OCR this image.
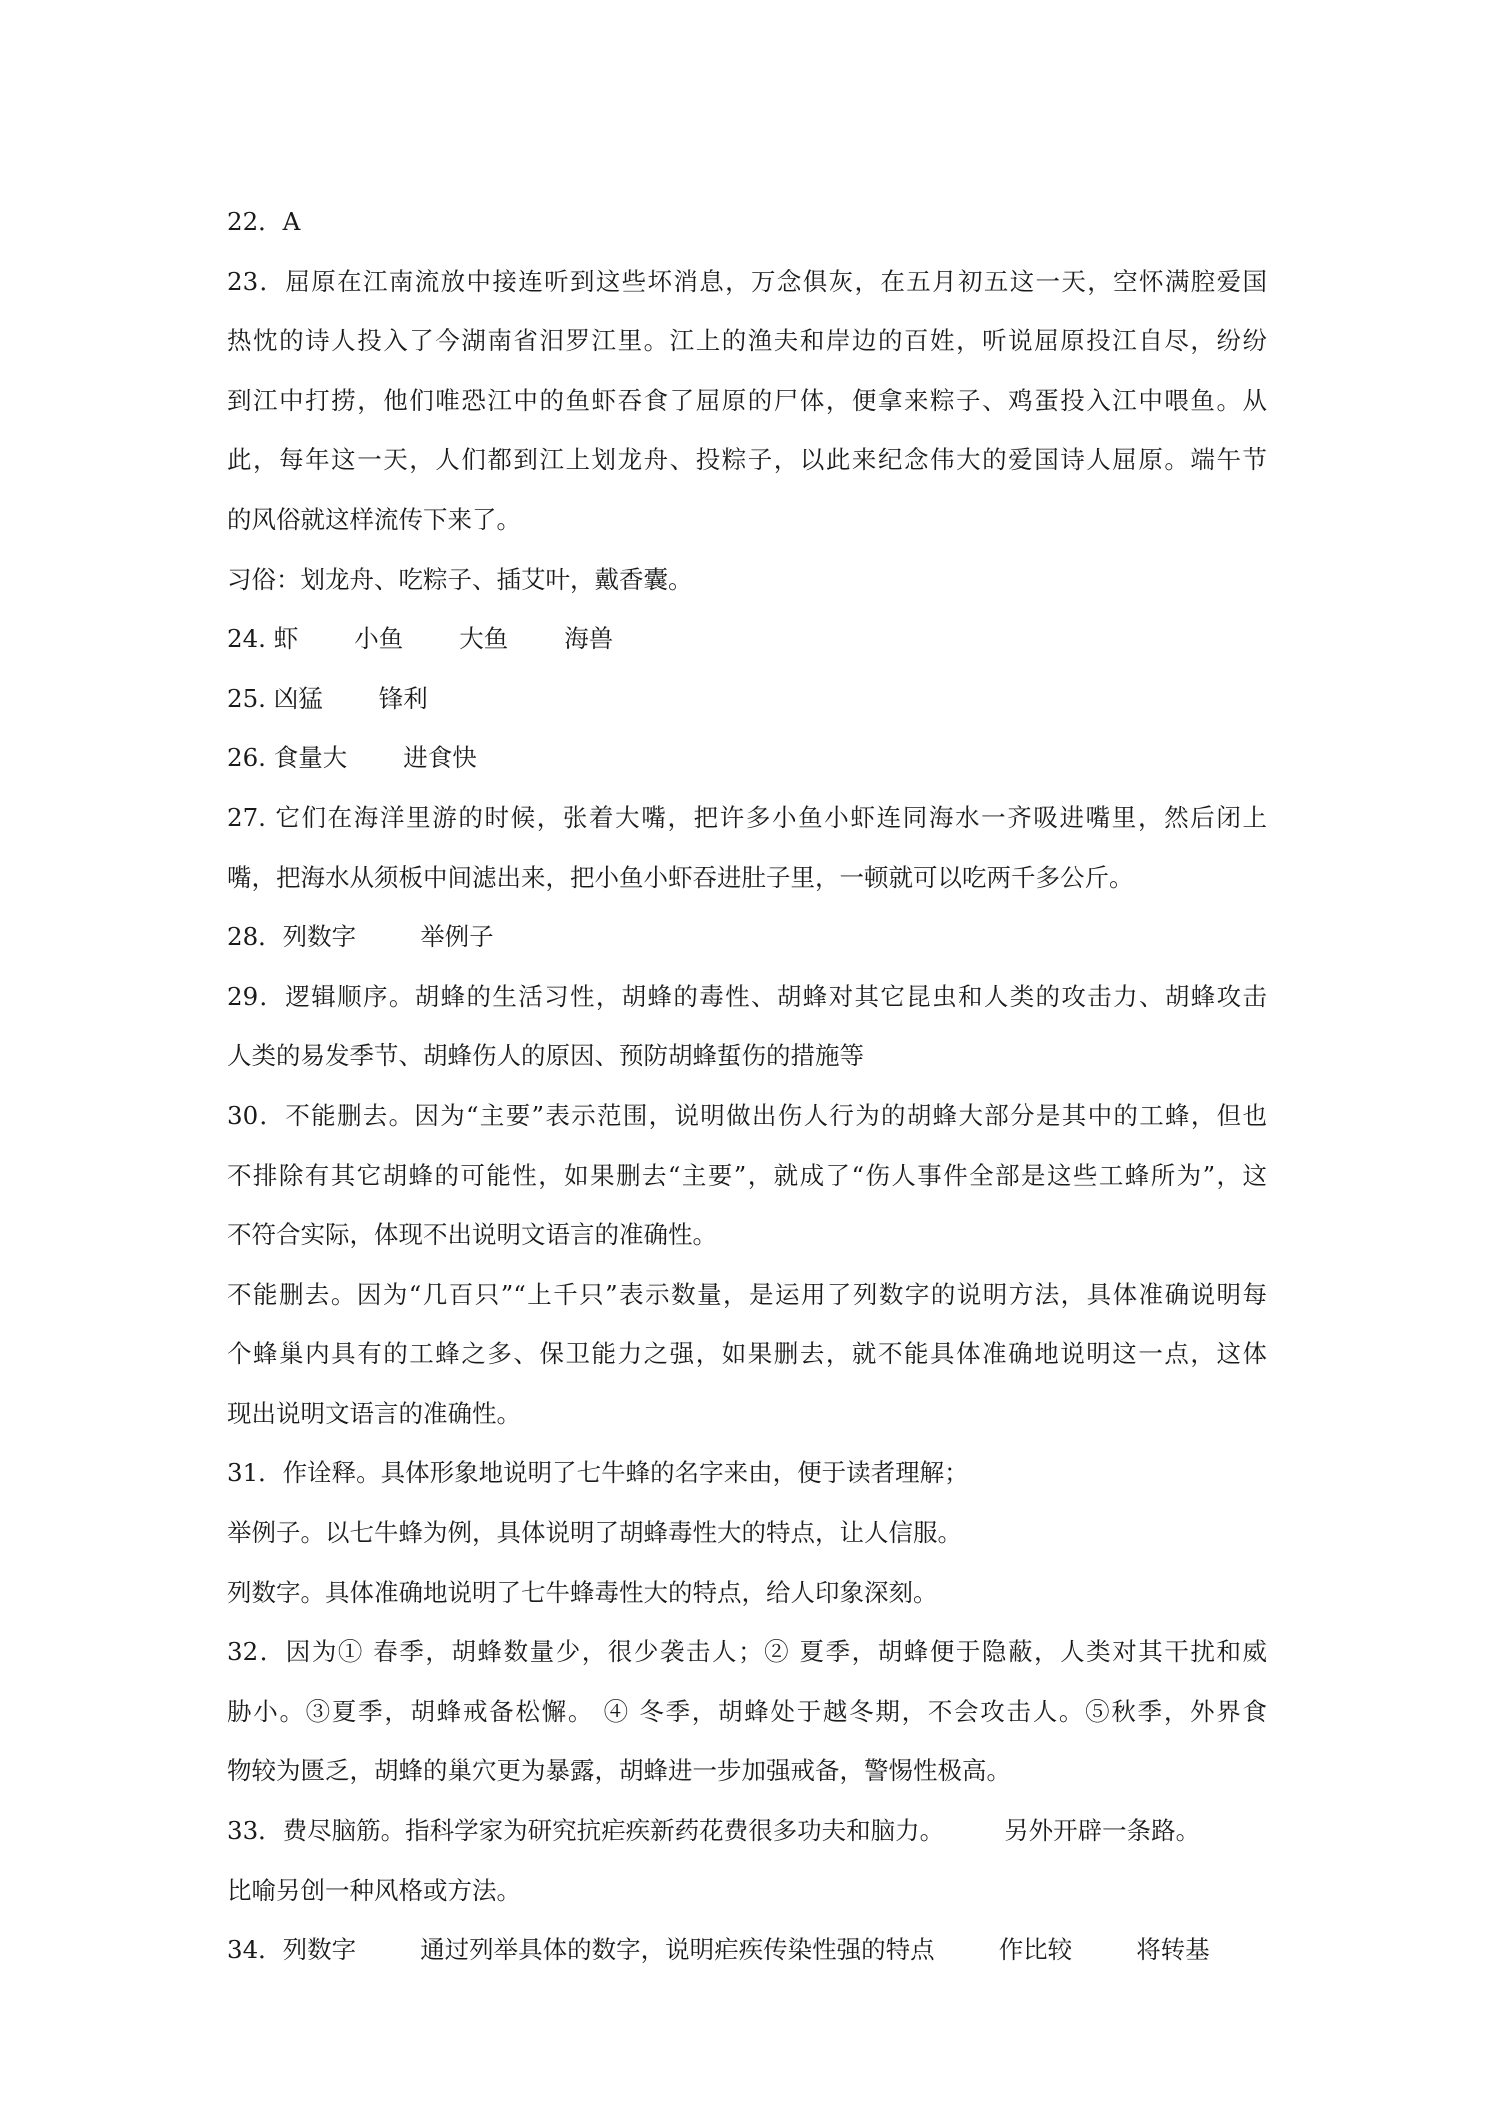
22．A
23．屈原在江南流放中接连听到这些坏消息，万念俱灰，在五月初五这一天，空怀满腔爱国
热忱的诗人投入了今湖南省汨罗江里。江上的渔夫和岸边的百姓，听说屈原投江自尽，纷纷
到江中打捞，他们唯恐江中的鱼虾吞食了屈原的尸体，便拿来粽子、鸡蛋投入江中喂鱼。从
此，每年这一天，人们都到江上划龙舟、投粽子，以此来纪念伟大的爱国诗人屈原。端午节
的风俗就这样流传下来了。
习俗：划龙舟、吃粽子、插艾叶，戴香囊。
24. 虾 小鱼 大鱼 海兽
25. 凶猛 锋利
26. 食量大 进食快
27. 它们在海洋里游的时候，张着大嘴，把许多小鱼小虾连同海水一齐吸进嘴里，然后闭上
嘴，把海水从须板中间滤出来，把小鱼小虾吞进肚子里，一顿就可以吃两千多公斤。
28．列数字	举例子
29．逻辑顺序。胡蜂的生活习性，胡蜂的毒性、胡蜂对其它昆虫和人类的攻击力、胡蜂攻击
人类的易发季节、胡蜂伤人的原因、预防胡蜂蜇伤的措施等
30．不能删去。因为“主要”表示范围，说明做出伤人行为的胡蜂大部分是其中的工蜂，但也
不排除有其它胡蜂的可能性，如果删去“主要”，就成了“伤人事件全部是这些工蜂所为”，这
不符合实际，体现不出说明文语言的准确性。
不能删去。因为“几百只”“上千只”表示数量，是运用了列数字的说明方法，具体准确说明每
个蜂巢内具有的工蜂之多、保卫能力之强，如果删去，就不能具体准确地说明这一点，这体
现出说明文语言的准确性。
31．作诠释。具体形象地说明了七牛蜂的名字来由，便于读者理解；
举例子。以七牛蜂为例，具体说明了胡蜂毒性大的特点，让人信服。
列数字。具体准确地说明了七牛蜂毒性大的特点，给人印象深刻。
32．因为① 春季，胡蜂数量少，很少袭击人；② 夏季，胡蜂便于隐蔽，人类对其干扰和威
胁小。③夏季，胡蜂戒备松懈。 ④ 冬季，胡蜂处于越冬期，不会攻击人。⑤秋季，外界食
物较为匮乏，胡蜂的巢穴更为暴露，胡蜂进一步加强戒备，警惕性极高。
33．费尽脑筋。指科学家为研究抗疟疾新药花费很多功夫和脑力。 另外开辟一条路。
比喻另创一种风格或方法。
34．列数字	通过列举具体的数字，说明疟疾传染性强的特点	作比较	将转基
